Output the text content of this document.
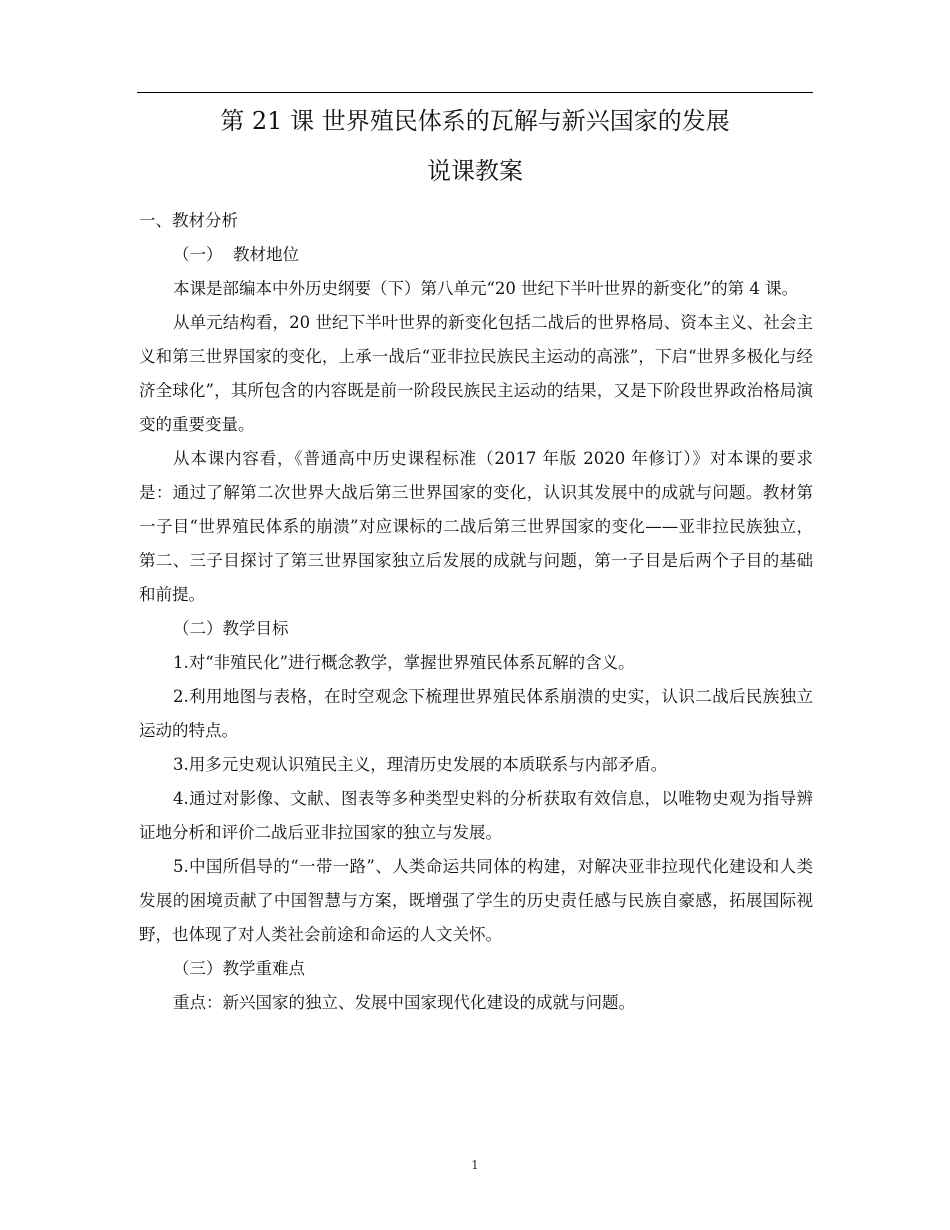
第 21 课 世界殖民体系的瓦解与新兴国家的发展
说课教案

一、教材分析

（一）  教材地位

本课是部编本中外历史纲要（下）第八单元“20 世纪下半叶世界的新变化”的第 4 课。

从单元结构看，20 世纪下半叶世界的新变化包括二战后的世界格局、资本主义、社会主义和第三世界国家的变化，上承一战后“亚非拉民族民主运动的高涨”，下启“世界多极化与经济全球化”，其所包含的内容既是前一阶段民族民主运动的结果，又是下阶段世界政治格局演变的重要变量。

从本课内容看，《普通高中历史课程标准（2017 年版 2020 年修订）》对本课的要求是：通过了解第二次世界大战后第三世界国家的变化，认识其发展中的成就与问题。教材第一子目“世界殖民体系的崩溃”对应课标的二战后第三世界国家的变化——亚非拉民族独立，第二、三子目探讨了第三世界国家独立后发展的成就与问题，第一子目是后两个子目的基础和前提。

（二）教学目标

1.对“非殖民化”进行概念教学，掌握世界殖民体系瓦解的含义。

2.利用地图与表格，在时空观念下梳理世界殖民体系崩溃的史实，认识二战后民族独立运动的特点。

3.用多元史观认识殖民主义，理清历史发展的本质联系与内部矛盾。

4.通过对影像、文献、图表等多种类型史料的分析获取有效信息，以唯物史观为指导辨证地分析和评价二战后亚非拉国家的独立与发展。

5.中国所倡导的“一带一路”、人类命运共同体的构建，对解决亚非拉现代化建设和人类发展的困境贡献了中国智慧与方案，既增强了学生的历史责任感与民族自豪感，拓展国际视野，也体现了对人类社会前途和命运的人文关怀。

（三）教学重难点

重点：新兴国家的独立、发展中国家现代化建设的成就与问题。

1
